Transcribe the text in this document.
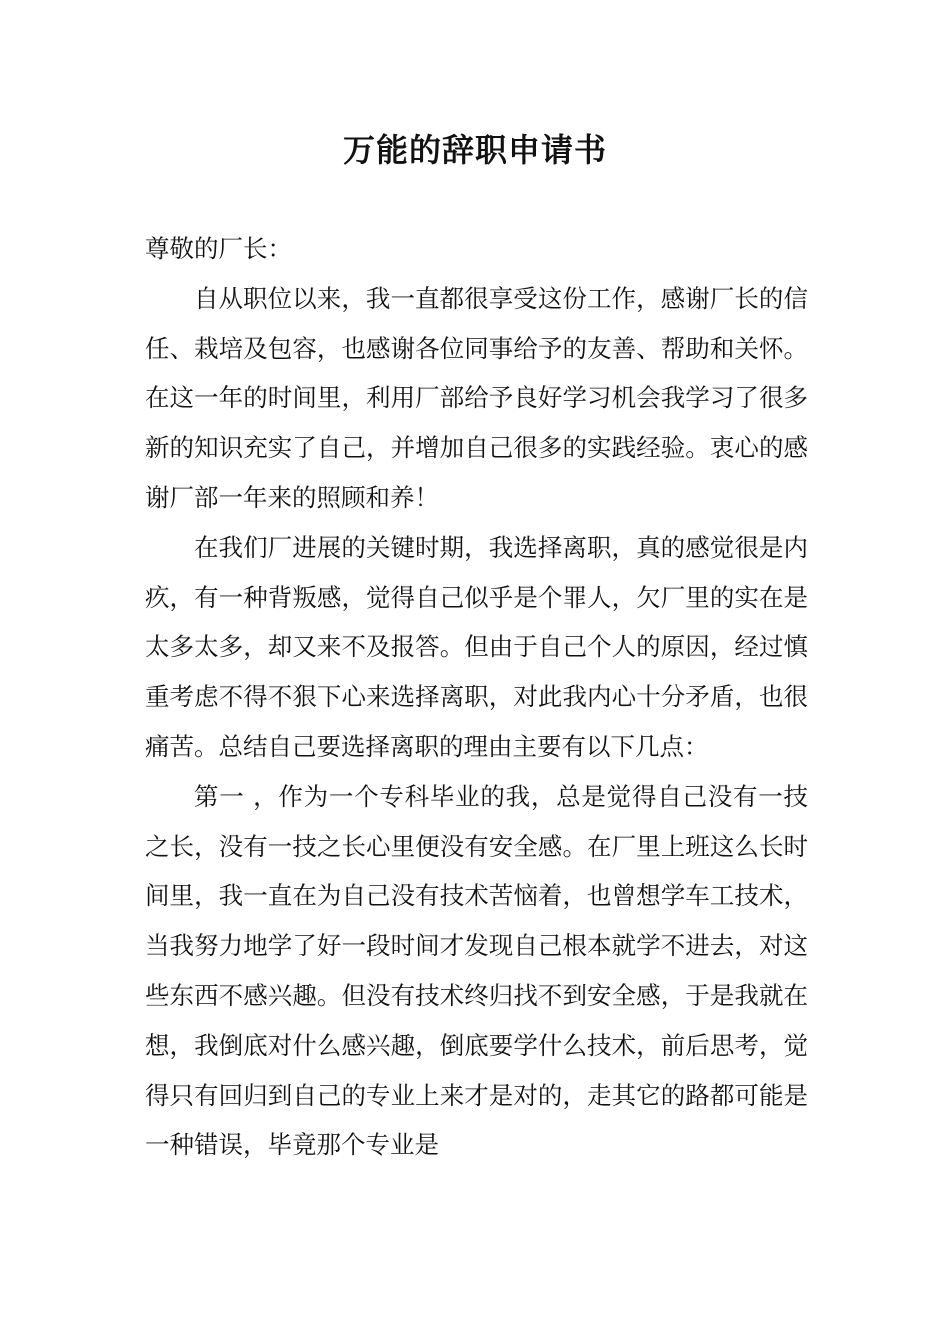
万能的辞职申请书

尊敬的厂长：

自从职位以来，我一直都很享受这份工作，感谢厂长的信任、栽培及包容，也感谢各位同事给予的友善、帮助和关怀。在这一年的时间里，利用厂部给予良好学习机会我学习了很多新的知识充实了自己，并增加自己很多的实践经验。衷心的感谢厂部一年来的照顾和养！

在我们厂进展的关键时期，我选择离职，真的感觉很是内疚，有一种背叛感，觉得自己似乎是个罪人，欠厂里的实在是太多太多，却又来不及报答。但由于自己个人的原因，经过慎重考虑不得不狠下心来选择离职，对此我内心十分矛盾，也很痛苦。总结自己要选择离职的理由主要有以下几点：

第一 ，作为一个专科毕业的我，总是觉得自己没有一技之长，没有一技之长心里便没有安全感。在厂里上班这么长时间里，我一直在为自己没有技术苦恼着，也曾想学车工技术，当我努力地学了好一段时间才发现自己根本就学不进去，对这些东西不感兴趣。但没有技术终归找不到安全感，于是我就在想，我倒底对什么感兴趣，倒底要学什么技术，前后思考，觉得只有回归到自己的专业上来才是对的，走其它的路都可能是一种错误，毕竟那个专业是
